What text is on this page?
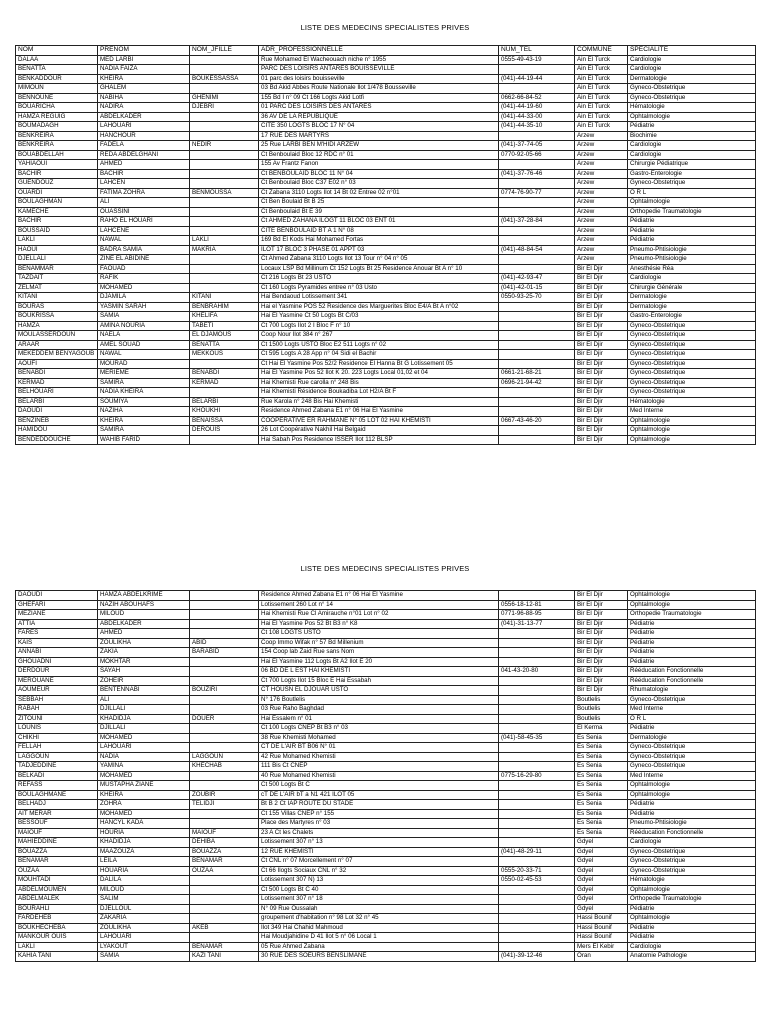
LISTE DES MEDECINS SPECIALISTES PRIVES
NOM	PRENOM	NOM_JFILLE	ADR_PROFESSIONNELLE	NUM_TEL	COMMUNE	SPECIALITE
DALAA	MED LARBI		Rue Mohamed El Wacheouach niche n° 1955	0555-49-43-19	Ain El Turck	Cardiologie
BENATTA	NADIA FAIZA		PARC DES LOISIRS ANTARES BOUISSEVILLE		Ain El Turck	Cardiologie
BENKADDOUR	KHEIRA	BOUKESSASSA	01 parc des loisirs bouisseville	(041)-44-19-44	Ain El Turck	Dermatologie
MIMOUN	GHALEM		03 Bd Akid Abbes Route Nationale Ilot 1/478 Bousseville		Ain El Turck	Gyneco-Obstetrique
BENNOUNE	NABIHA	GHENIMI	155 Bd I n° 09 Ct 166 Logts Akid Lotfi	0662-66-84-52	Ain El Turck	Gyneco-Obstetrique
BOUARICHA	NADIRA	DJEBRI	01 PARC DES LOISIRS DES ANTARES	(041)-44-19-60	Ain El Turck	Hématologie
HAMZA REGUIG	ABDELKADER		36 AV DE LA REPUBLIQUE	(041)-44-33-00	Ain El Turck	Ophtalmologie
BOUMADAGH	LAHOUARI		CITE 350 LOGTS BLOC 17 N° 04	(041)-44-35-10	Ain El Turck	Pédiatrie
BENKREIRA	HANCHOUR		17 RUE DES MARTYRS		Arzew	Biochimie
BENKREIRA	FADELA	NEDIR	25 Rue LARBI BEN M'HIDI ARZEW	(041)-37-74-05	Arzew	Cardiologie
BOUABDELLAH	REDA ABDELGHANI		Ct Benboulaid Bloc 12 RDC n° 01	0770-92-05-66	Arzew	Cardiologie
YAHIAOUI	AHMED		155 Av Frantz Fanon		Arzew	Chirurgie Pédiatrique
BACHIR	BACHIR		Ct BENBOULAID BLOC 11 N° 04	(041)-37-76-46	Arzew	Gastro-Enterologie
GUENDOUZ	LAHCEN		Ct Benboulaid Bloc C37 E02 n° 03		Arzew	Gyneco-Obstetrique
OUARDI	FATIMA ZOHRA	BENMOUSSA	Ct Zabana 3110 Logts Ilot 14 Bt 02 Entree 02 n°01	0774-76-90-77	Arzew	O R L
BOULAGHMAN	ALI		Ct Ben Boulaid Bt B 25		Arzew	Ophtalmologie
KAMECHE	OUASSINI		Ct Benboulaid Bt E 39		Arzew	Orthopedie Traumatologie
BACHIR	RAHO EL HOUARI		Ct AHMED ZAHANA ILOGT 11 BLOC 03 ENT 01	(041)-37-28-84	Arzew	Pédiatrie
BOUSSAID	LAHCENE		CITE BENBOULAID BT A 1 N° 08		Arzew	Pédiatrie
LAKLI	NAWAL	LAKLI	169 Bd El Kods Hai Mohamed Fortas		Arzew	Pédiatrie
HAOUI	BADRA SAMIA	MAKRIA	ILOT 17 BLOC 3 PHASE 01 APPT 03	(041)-48-84-54	Arzew	Pneumo-Phtisiologie
DJELLALI	ZINE EL ABIDINE		Ct Ahmed Zabana 3110 Logts Ilot 13 Tour n° 04 n° 05		Arzew	Pneumo-Phtisiologie
BENAMMAR	FAOUAD		Locaux LSP Bd Millinum Ct 152 Logts Bt 25 Residence Anouar Bt A n° 10		Bir El Djir	Anesthésie Réa
TAZDAIT	RAFIK		Ct 216 Logts Bt 23 USTO	(041)-42-93-47	Bir El Djir	Cardiologie
ZELMAT	MOHAMED		Ct 160 Logts Pyramides entree n° 03 Usto	(041)-42-01-15	Bir El Djir	Chirurgie Générale
KITANI	DJAMILA	KITANI	Hai Bendaoud Lotissement 341	0550-93-25-70	Bir El Djir	Dermatologie
BOURAS	YASMIN SARAH	BENBRAHIM	Hai el Yasmine POS 52 Residence des Marguerites Bloc E4/A Bt A n°02		Bir El Djir	Dermatologie
BOUKRISSA	SAMIA	KHELIFA	Hai El Yasmine Ct 50 Logts Bt C/03		Bir El Djir	Gastro-Enterologie
HAMZA	AMINA NOURIA	TABETI	Ct 700 Logts Ilot 2 I Bloc F n° 10		Bir El Djir	Gyneco-Obstetrique
MOULASSERDOUN	NAELA	EL DJAMOUS	Coop Nour Ilot 384 n° 267		Bir El Djir	Gyneco-Obstetrique
ARAAR	AMEL SOUAD	BENATTA	Ct 1500 Logts USTO Bloc E2 511 Logts n° 02		Bir El Djir	Gyneco-Obstetrique
MEKEDDEM BENYAGOUB	NAWAL	MEKKOUS	Ct 595 Logts A 28 App n° 04 Sidi el Bachir		Bir El Djir	Gyneco-Obstetrique
AOUFI	MOURAD		Ct Hai El Yasmine Pos 52/2 Residence El Hanna Bt G Lotissement 05		Bir El Djir	Gyneco-Obstetrique
BENABDI	MERIEME	BENABDI	Hai El Yasmine Pos 52 Ilot K 20. 223 Logts Local 01,02 et 04	0661-21-68-21	Bir El Djir	Gyneco-Obstetrique
KERMAD	SAMIRA	KERMAD	Hai Khemisti Rue carolla n° 248 Bis	0696-21-94-42	Bir El Djir	Gyneco-Obstetrique
BELHOUARI	NADIA KHEIRA		Hai Khemisti Résidence Boukadiba Lot H2/A Bt F		Bir El Djir	Gyneco-Obstetrique
BELARBI	SOUMIYA	BELARBI	Rue Karola n° 248 Bis Hai Khemisti		Bir El Djir	Hématologie
DAOUDI	NAZIHA	KHOUKHI	Residence Ahmed Zabana E1 n° 06 Hai El Yasmine		Bir El Djir	Med Interne
BENZINEB	KHEIRA	BENAISSA	COOPERATIVE ER RAHMANE N° 05 LOT 02 HAI KHEMISTI	0667-43-46-20	Bir El Djir	Ophtalmologie
HAMIDOU	SAMIRA	DEROUIS	26 Lot Coopérative Nakhil Hai Belgaid		Bir El Djir	Ophtalmologie
BENDEDDOUCHE	WAHIB FARID		Hai Sabah Pos Residence ISSER Ilot 112 BLSP		Bir El Djir	Ophtalmologie
LISTE DES MEDECINS SPECIALISTES PRIVES
DAOUDI	HAMZA ABDELKRIME		Residence Ahmed Zabana E1 n° 06 Hai El Yasmine		Bir El Djir	Ophtalmologie
GHEFARI	NAZIH ABOUHAFS		Lotissement 260 Lot n° 14	0556-18-12-81	Bir El Djir	Ophtalmologie
MEZIANE	MILOUD		Hai Khemisti Rue Cl Amirauche n°01 Lot n° 02	0771-96-88-95	Bir El Djir	Orthopedie Traumatologie
ATTIA	ABDELKADER		Hai El Yasmine Pos 52 Bt B3 n° K8	(041)-31-13-77	Bir El Djir	Pédiatrie
FARES	AHMED		Ct 108 LOGTS USTO		Bir El Djir	Pédiatrie
KAIS	ZOULIKHA	ABID	Coop Immo Wifak n° 57 Bd Millenium		Bir El Djir	Pédiatrie
ANNABI	ZAKIA	BARABID	154 Coop lab Zaid Rue sans Nom		Bir El Djir	Pédiatrie
GHOUADNI	MOKHTAR		Hai El Yasmine 112 Logts Bt A2 Ilot E 20		Bir El Djir	Pédiatrie
DERDOUR	SAYAH		06 BD DE L EST HAI KHEMISTI	041-43-20-80	Bir El Djir	Rééducation Fonctionnelle
MEROUANE	ZOHEIR		Ct 700 Logts Ilot 15 Bloc E Hai Essabah		Bir El Djir	Rééducation Fonctionnelle
AOUMEUR	BENTENNABI	BOUZIRI	CT HOUSN EL DJOUAR USTO		Bir El Djir	Rhumatologie
SEBBAH	ALI		N° 176 Boutlelis		Boutlelis	Gyneco-Obstetrique
RABAH	DJILLALI		03 Rue Raho Baghdad		Boutlelis	Med Interne
ZITOUNI	KHADIDJA	DOUER	Hai Essalem n° 01		Boutlelis	O R L
LOUNIS	DJILLALI		Ct 100 Logts CNEP Bt B3 n° 03		El Kerma	Pédiatrie
CHIKHI	MOHAMED		38 Rue Khemisti Mohamed	(041)-58-45-35	Es Senia	Dermatologie
FELLAH	LAHOUARI		CT DE L'AIR BT B06 N° 01		Es Senia	Gyneco-Obstetrique
LAGGOUN	NADIA	LAGGOUN	42 Rue Mohamed Khemisti		Es Senia	Gyneco-Obstetrique
TADJEDDINE	YAMINA	KHECHAB	111 Bis Ct CNEP		Es Senia	Gyneco-Obstetrique
BELKADI	MOHAMED		40 Rue Mohamed Khemisti	0775-16-29-80	Es Senia	Med Interne
REFASS	MUSTAPHA ZIANE		Ct 500 Logts Bt C		Es Senia	Ophtalmologie
BOULAGHMANE	KHEIRA	ZOUBIR	cT DE L'AIR bT a N1 421 ILOT 05		Es Senia	Ophtalmologie
BELHADJ	ZOHRA	TELIDJI	Bt B 2 Ct IAP ROUTE DU STADE		Es Senia	Pédiatrie
AIT MERAR	MOHAMED		Ct 155 Villas CNEP n° 155		Es Senia	Pédiatrie
BESSOUF	HANCYL KADA		Place des Martyres n° 03		Es Senia	Pneumo-Phtisiologie
MAIOUF	HOURIA	MAIOUF	23 A Ct les Chalets		Es Senia	Rééducation Fonctionnelle
MAHIEDDINE	KHADIDJA	DEHIBA	Lotissement 307 n° 13		Gdyel	Cardiologie
BOUAZZA	MAAZOUZA	BOUAZZA	12 RUE KHEMISTI	(041)-48-29-11	Gdyel	Gyneco-Obstetrique
BENAMAR	LEILA	BENAMAR	Ct CNL n° 07 Morcellement n° 07		Gdyel	Gyneco-Obstetrique
OUZAA	HOUARIA	OUZAA	Ct 66 Ilogts Sociaux CNL n° 32	0555-20-33-71	Gdyel	Gyneco-Obstetrique
MOUHTADI	DALILA		Lotissement 307 N) 13	0550-02-45-53	Gdyel	Hématologie
ABDELMOUMEN	MILOUD		Ct 500 Logts Bt C 40		Gdyel	Ophtalmologie
ABDELMALEK	SALIM		Lotissement 307 n° 18		Gdyel	Orthopedie Traumatologie
BOURAHLI	DJELLOUL		N° 09 Rue Oussalah		Gdyel	Pédiatrie
FARDEHEB	ZAKARIA		groupement d'habitation n° 98 Lot 32 n° 45		Hassi Bounif	Ophtalmologie
BOUKHECHEBA	ZOULIKHA	AKEB	Ilot 349 Hai Chahid Mahmoud		Hassi Bounif	Pédiatrie
MANKOUR OUIS	LAHOUARI		Hai Moudjahidine D 41 Ilot 5 n° 06 Local 1		Hassi Bounif	Pédiatrie
LAKLI	LYAKOUT	BENAMAR	05 Rue Ahmed Zabana		Mers El Kebir	Cardiologie
KAHIA TANI	SAMIA	KAZI TANI	30 RUE DES SOEURS BENSLIMANE	(041)-39-12-46	Oran	Anatomie Pathologie
